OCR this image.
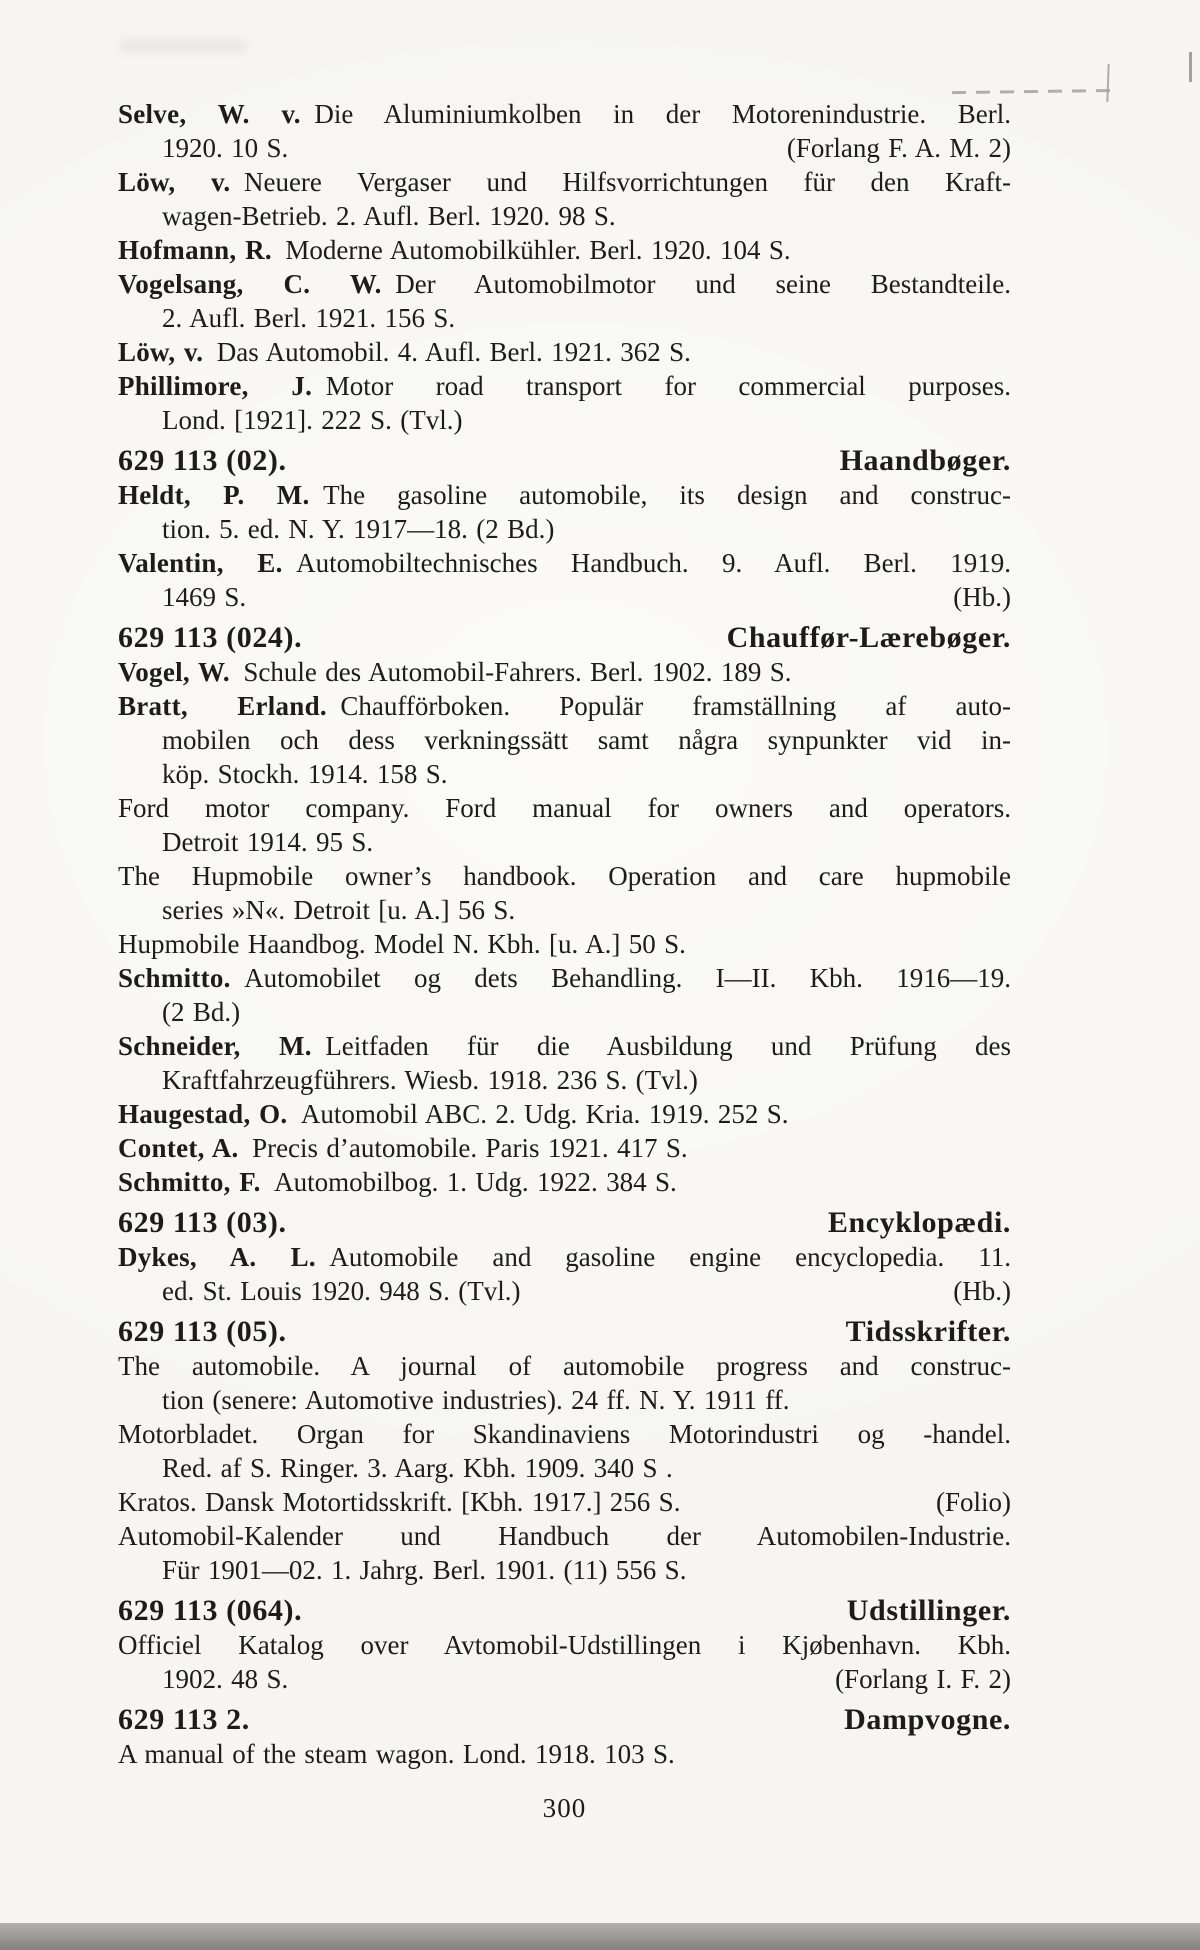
Selve, W. v.  Die Aluminiumkolben in der Motorenindustrie. Berl.
(Forlang F. A. M. 2)
1920. 10 S.
Löw, v.  Neuere Vergaser und Hilfsvorrichtungen für den Kraft-
wagen-Betrieb. 2. Aufl. Berl. 1920. 98 S.
Hofmann, R.  Moderne Automobilkühler. Berl. 1920. 104 S.
Vogelsang, C. W.  Der Automobilmotor und seine Bestandteile.
2. Aufl. Berl. 1921. 156 S.
Löw, v.  Das Automobil. 4. Aufl. Berl. 1921. 362 S.
Phillimore, J.  Motor road transport for commercial purposes.
Lond. [1921]. 222 S. (Tvl.)
629 113 (02).	Haandbøger.
Heldt, P. M.  The gasoline automobile, its design and construc-
tion. 5. ed. N. Y. 1917—18. (2 Bd.)
Valentin, E.  Automobiltechnisches Handbuch. 9. Aufl. Berl. 1919.
(Hb.)
1469 S.
629 113 (024).	Chauffør-Lærebøger.
Vogel, W.  Schule des Automobil-Fahrers. Berl. 1902. 189 S.
Bratt, Erland.  Chaufförboken. Populär framställning af auto-
mobilen och dess verkningssätt samt några synpunkter vid in-
köp. Stockh. 1914. 158 S.
Ford motor company. Ford manual for owners and operators.
Detroit 1914. 95 S.
The Hupmobile owner’s handbook. Operation and care hupmobile
series »N«. Detroit [u. A.] 56 S.
Hupmobile Haandbog. Model N. Kbh. [u. A.] 50 S.
Schmitto.  Automobilet og dets Behandling. I—II. Kbh. 1916—19.
(2 Bd.)
Schneider, M.  Leitfaden für die Ausbildung und Prüfung des
Kraftfahrzeugführers. Wiesb. 1918. 236 S. (Tvl.)
Haugestad, O.  Automobil ABC. 2. Udg. Kria. 1919. 252 S.
Contet, A.  Precis d’automobile. Paris 1921. 417 S.
Schmitto, F.  Automobilbog. 1. Udg. 1922. 384 S.
629 113 (03).	Encyklopædi.
Dykes, A. L.  Automobile and gasoline engine encyclopedia. 11.
(Hb.)
ed. St. Louis 1920. 948 S. (Tvl.)
629 113 (05).	Tidsskrifter.
The automobile. A journal of automobile progress and construc-
tion (senere: Automotive industries). 24 ff. N. Y. 1911 ff.
Motorbladet. Organ for Skandinaviens Motorindustri og -handel.
Red. af S. Ringer. 3. Aarg. Kbh. 1909. 340 S .
(Folio)
Kratos. Dansk Motortidsskrift. [Kbh. 1917.] 256 S.
Automobil-Kalender und Handbuch der Automobilen-Industrie.
Für 1901—02. 1. Jahrg. Berl. 1901. (11) 556 S.
629 113 (064).	Udstillinger.
Officiel Katalog over Avtomobil-Udstillingen i Kjøbenhavn. Kbh.
(Forlang I. F. 2)
1902. 48 S.
629 113 2.	Dampvogne.
A manual of the steam wagon. Lond. 1918. 103 S.
300
